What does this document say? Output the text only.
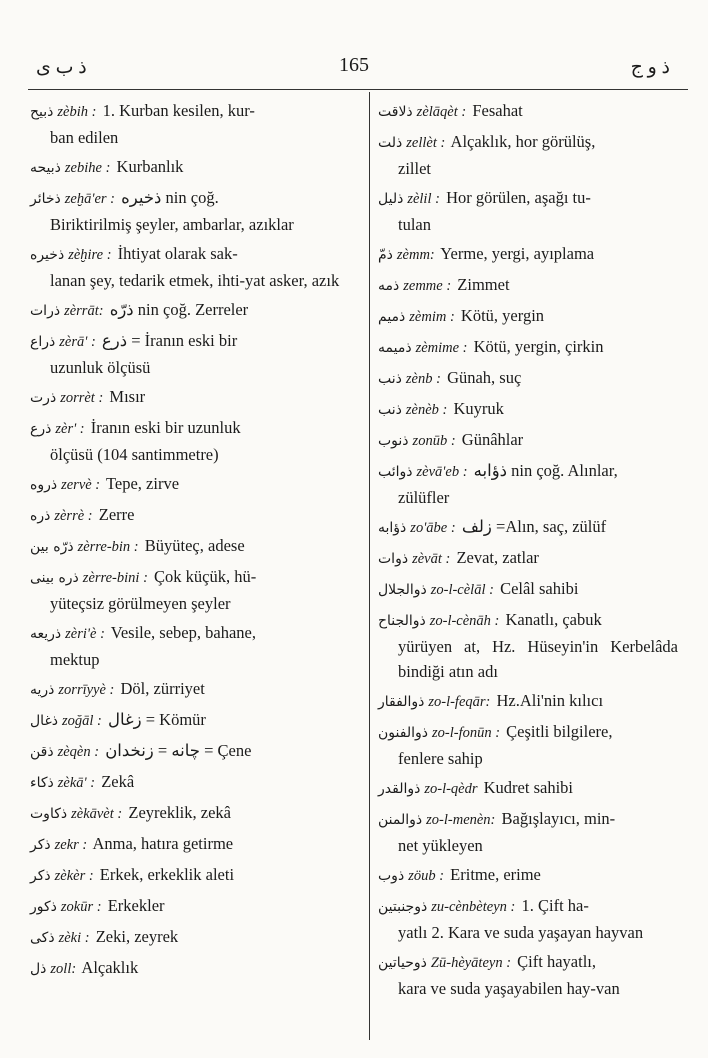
ذ ب ی	165	ذ و ج
ذبیح zèbih : 1. Kurban kesilen, kur-
ban edilen
ذبیحه zebihe : Kurbanlık
ذخائر zeḫā'er : ذخیره nin çoğ.
Biriktirilmiş şeyler, ambarlar, azıklar
ذخیره zèḫire : İhtiyat olarak sak-
lanan şey, tedarik etmek, ihti-yat asker, azık
ذرات zèrrāt: ذرّه nin çoğ. Zerreler
ذراع zèrā' : ذرع = İranın eski bir
uzunluk ölçüsü
ذرت zorrèt : Mısır
ذرع zèr' : İranın eski bir uzunluk
ölçüsü (104 santimmetre)
ذروه zervè : Tepe, zirve
ذره zèrrè : Zerre
ذرّه بین zèrre-bin : Büyüteç, adese
ذره بینی zèrre-bini : Çok küçük, hü-
yüteçsiz görülmeyen şeyler
ذریعه zèri'è : Vesile, sebep, bahane,
mektup
ذریه zorrīyyè : Döl, zürriyet
ذغال zoğāl : زغال = Kömür
ذقن zèqèn : چانه = زنخدان = Çene
ذکاء zèkā' : Zekâ
ذکاوت zèkāvèt : Zeyreklik, zekâ
ذکر zekr : Anma, hatıra getirme
ذکر zèkèr : Erkek, erkeklik aleti
ذکور zokūr : Erkekler
ذکی zèki : Zeki, zeyrek
ذل zoll: Alçaklık
ذلاقت zèlāqèt : Fesahat
ذلت zellèt : Alçaklık, hor görülüş,
zillet
ذلیل zèlil : Hor görülen, aşağı tu-
tulan
ذمّ zèmm: Yerme, yergi, ayıplama
ذمه zemme : Zimmet
ذمیم zèmim : Kötü, yergin
ذمیمه zèmime : Kötü, yergin, çirkin
ذنب zènb : Günah, suç
ذنب zènèb : Kuyruk
ذنوب zonūb : Günâhlar
ذوائب zèvā'eb : ذؤابه nin çoğ. Alınlar,
zülüfler
ذؤابه zo'ābe : زلف =Alın, saç, zülüf
ذوات zèvāt : Zevat, zatlar
ذوالجلال zo-l-cèlāl : Celâl sahibi
ذوالجناح zo-l-cènāh : Kanatlı, çabuk
yürüyen at, Hz. Hüseyin'in Kerbelâda bindiği atın adı
ذوالفقار zo-l-feqār: Hz.Ali'nin kılıcı
ذوالفنون zo-l-fonūn : Çeşitli bilgilere,
fenlere sahip
ذوالقدر zo-l-qèdr Kudret sahibi
ذوالمنن zo-l-menèn: Bağışlayıcı, min-
net yükleyen
ذوب zöub : Eritme, erime
ذوجنبتین zu-cènbèteyn : 1. Çift ha-
yatlı 2. Kara ve suda yaşayan hayvan
ذوحیاتین Zū-hèyāteyn : Çift hayatlı,
kara ve suda yaşayabilen hay-van
